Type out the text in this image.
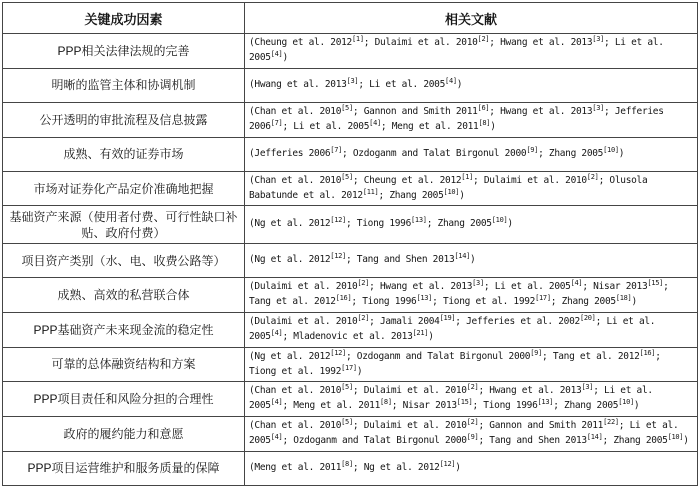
关键成功因素	相关文献
PPP相关法律法规的完善	(Cheung et al. 2012[1]; Dulaimi et al. 2010[2]; Hwang et al. 2013[3]; Li et al. 2005[4])
明晰的监管主体和协调机制	(Hwang et al. 2013[3]; Li et al. 2005[4])
公开透明的审批流程及信息披露	(Chan et al. 2010[5]; Gannon and Smith 2011[6]; Hwang et al. 2013[3]; Jefferies 2006[7]; Li et al. 2005[4]; Meng et al. 2011[8])
成熟、有效的证券市场	(Jefferies 2006[7]; Ozdoganm and Talat Birgonul 2000[9]; Zhang 2005[10])
市场对证券化产品定价准确地把握	(Chan et al. 2010[5]; Cheung et al. 2012[1]; Dulaimi et al. 2010[2]; Olusola Babatunde et al. 2012[11]; Zhang 2005[10])
基础资产来源（使用者付费、可行性缺口补贴、政府付费）	(Ng et al. 2012[12]; Tiong 1996[13]; Zhang 2005[10])
项目资产类别（水、电、收费公路等）	(Ng et al. 2012[12]; Tang and Shen 2013[14])
成熟、高效的私营联合体	(Dulaimi et al. 2010[2]; Hwang et al. 2013[3]; Li et al. 2005[4]; Nisar 2013[15]; Tang et al. 2012[16]; Tiong 1996[13]; Tiong et al. 1992[17]; Zhang 2005[18])
PPP基础资产未来现金流的稳定性	(Dulaimi et al. 2010[2]; Jamali 2004[19]; Jefferies et al. 2002[20]; Li et al. 2005[4]; Mladenovic et al. 2013[21])
可靠的总体融资结构和方案	(Ng et al. 2012[12]; Ozdoganm and Talat Birgonul 2000[9]; Tang et al. 2012[16]; Tiong et al. 1992[17])
PPP项目责任和风险分担的合理性	(Chan et al. 2010[5]; Dulaimi et al. 2010[2]; Hwang et al. 2013[3]; Li et al. 2005[4]; Meng et al. 2011[8]; Nisar 2013[15]; Tiong 1996[13]; Zhang 2005[10])
政府的履约能力和意愿	(Chan et al. 2010[5]; Dulaimi et al. 2010[2]; Gannon and Smith 2011[22]; Li et al. 2005[4]; Ozdoganm and Talat Birgonul 2000[9]; Tang and Shen 2013[14]; Zhang 2005[10])
PPP项目运营维护和服务质量的保障	(Meng et al. 2011[8]; Ng et al. 2012[12])
